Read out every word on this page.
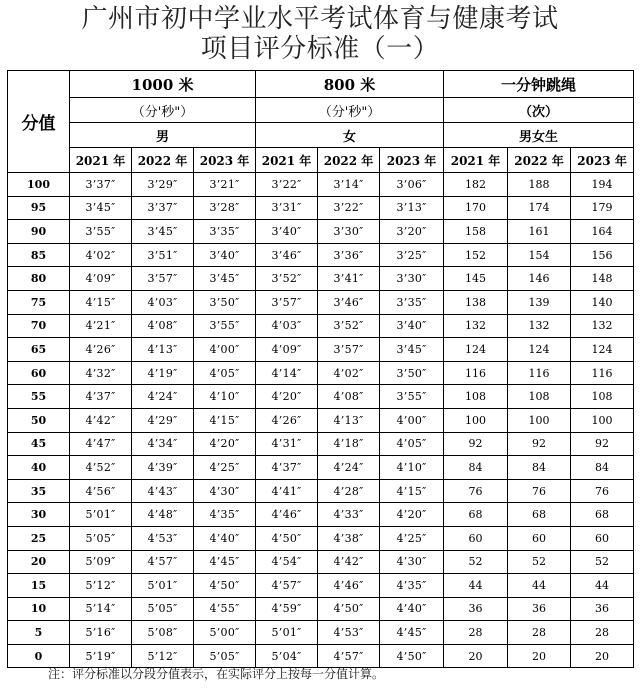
广州市初中学业水平考试体育与健康考试
项目评分标准（一）
分值	1000 米			800 米			一分钟跳绳		
	（分'秒"）			（分'秒"）			（次）		
	男			女			男女生		
	2021 年	2022 年	2023 年	2021 年	2022 年	2023 年	2021 年	2022 年	2023 年
100	3’37″	3’29″	3’21″	3’22″	3’14″	3’06″	182	188	194
95	3’45″	3’37″	3’28″	3’31″	3’22″	3’13″	170	174	179
90	3’55″	3’45″	3’35″	3’40″	3’30″	3’20″	158	161	164
85	4’02″	3’51″	3’40″	3’46″	3’36″	3’25″	152	154	156
80	4’09″	3’57″	3’45″	3’52″	3’41″	3’30″	145	146	148
75	4’15″	4’03″	3’50″	3’57″	3’46″	3’35″	138	139	140
70	4’21″	4’08″	3’55″	4’03″	3’52″	3’40″	132	132	132
65	4’26″	4’13″	4’00″	4’09″	3’57″	3’45″	124	124	124
60	4’32″	4’19″	4’05″	4’14″	4’02″	3’50″	116	116	116
55	4’37″	4’24″	4’10″	4’20″	4’08″	3’55″	108	108	108
50	4’42″	4’29″	4’15″	4’26″	4’13″	4’00″	100	100	100
45	4’47″	4’34″	4’20″	4’31″	4’18″	4’05″	92	92	92
40	4’52″	4’39″	4’25″	4’37″	4’24″	4’10″	84	84	84
35	4’56″	4’43″	4’30″	4’41″	4’28″	4’15″	76	76	76
30	5’01″	4’48″	4’35″	4’46″	4’33″	4’20″	68	68	68
25	5’05″	4’53″	4’40″	4’50″	4’38″	4’25″	60	60	60
20	5’09″	4’57″	4’45″	4’54″	4’42″	4’30″	52	52	52
15	5’12″	5’01″	4’50″	4’57″	4’46″	4’35″	44	44	44
10	5’14″	5’05″	4’55″	4’59″	4’50″	4’40″	36	36	36
5	5’16″	5’08″	5’00″	5’01″	4’53″	4’45″	28	28	28
0	5’19″	5’12″	5’05″	5’04″	4’57″	4’50″	20	20	20
注：评分标准以分段分值表示，在实际评分上按每一分值计算。
